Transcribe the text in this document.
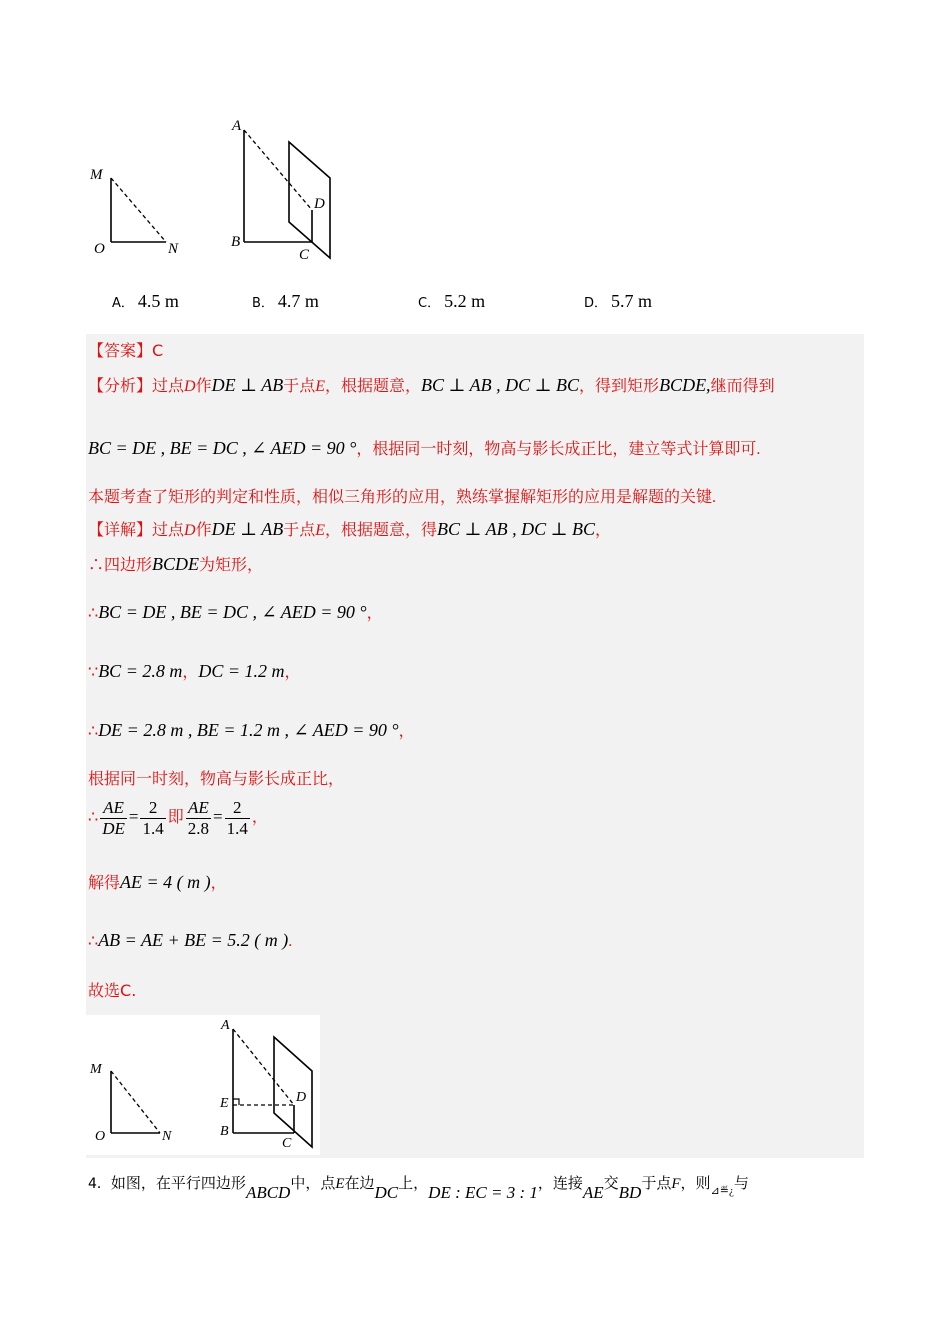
M
O	N
A
B
C
D
A． 4.5 m	B． 4.7 m	C． 5.2 m	D． 5.7 m
【答案】C
【分析】过点D作DE ⊥ AB于点E，根据题意，BC ⊥ AB , DC ⊥ BC，得到矩形BCDE,继而得到
BC = DE , BE = DC , ∠ AED = 90 °，根据同一时刻，物高与影长成正比，建立等式计算即可.
本题考查了矩形的判定和性质，相似三角形的应用，熟练掌握解矩形的应用是解题的关键.
【详解】过点D作DE ⊥ AB于点E，根据题意，得BC ⊥ AB , DC ⊥ BC，
∴四边形BCDE为矩形，
∴BC = DE , BE = DC , ∠ AED = 90 °，
∵BC = 2.8 m，DC = 1.2 m，
∴DE = 2.8 m , BE = 1.2 m , ∠ AED = 90 °，
根据同一时刻，物高与影长成正比，
∴ $\frac{AE}{DE} = \frac{2}{1.4}$ 即 $\frac{AE}{2.8} = \frac{2}{1.4}$ ，
解得AE = 4 ( m )，
∴AB = AE + BE = 5.2 ( m ).
故选C.
M
O	N
A
E
B
C
D
4．如图，在平行四边形ABCD中，点E在边DC上，DE : EC = 3 : 1，连接AE交BD于点F，则$_{⊿≝¿}$与
